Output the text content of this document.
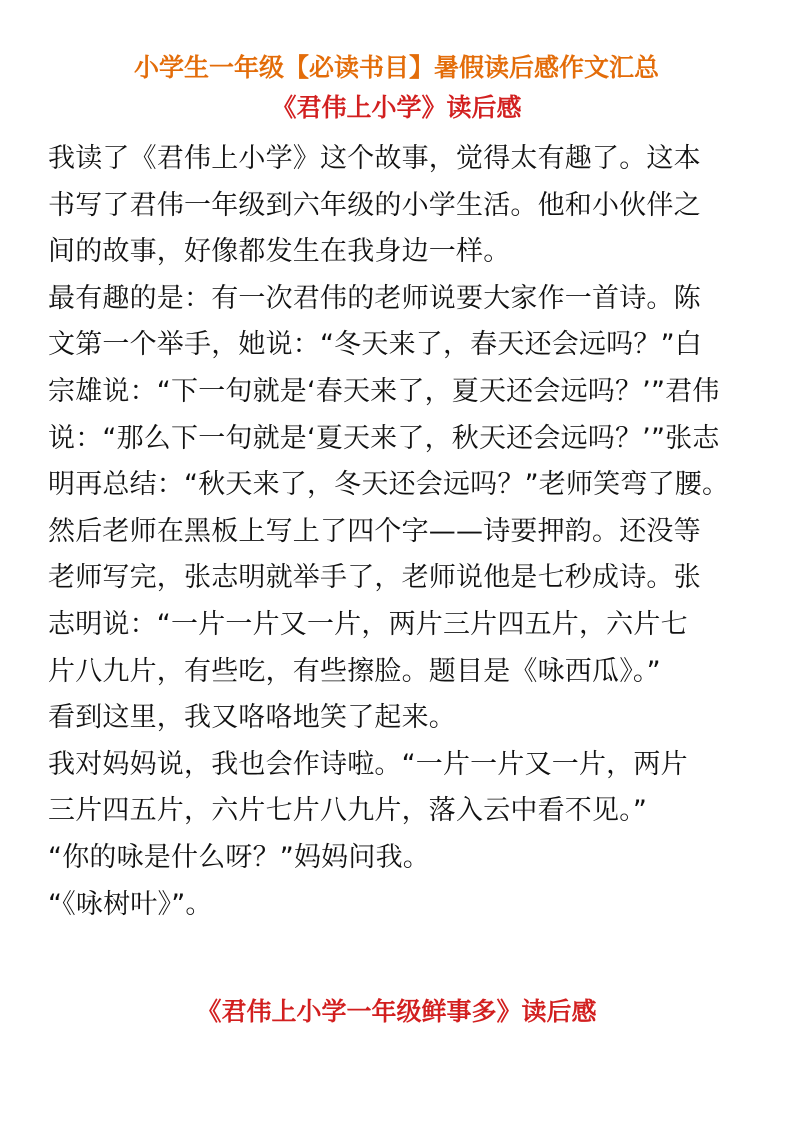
小学生一年级【必读书目】暑假读后感作文汇总
《君伟上小学》读后感
我读了《君伟上小学》这个故事，觉得太有趣了。这本
书写了君伟一年级到六年级的小学生活。他和小伙伴之
间的故事，好像都发生在我身边一样。
最有趣的是：有一次君伟的老师说要大家作一首诗。陈
文第一个举手，她说：“冬天来了，春天还会远吗？”白
宗雄说：“下一句就是‘春天来了，夏天还会远吗？’”君伟
说：“那么下一句就是‘夏天来了，秋天还会远吗？’”张志
明再总结：“秋天来了，冬天还会远吗？”老师笑弯了腰。
然后老师在黑板上写上了四个字——诗要押韵。还没等
老师写完，张志明就举手了，老师说他是七秒成诗。张
志明说：“一片一片又一片，两片三片四五片，六片七
片八九片，有些吃，有些擦脸。题目是《咏西瓜》。”
看到这里，我又咯咯地笑了起来。
我对妈妈说，我也会作诗啦。“一片一片又一片，两片
三片四五片，六片七片八九片，落入云中看不见。”
“你的咏是什么呀？”妈妈问我。
“《咏树叶》”。
《君伟上小学一年级鲜事多》读后感
